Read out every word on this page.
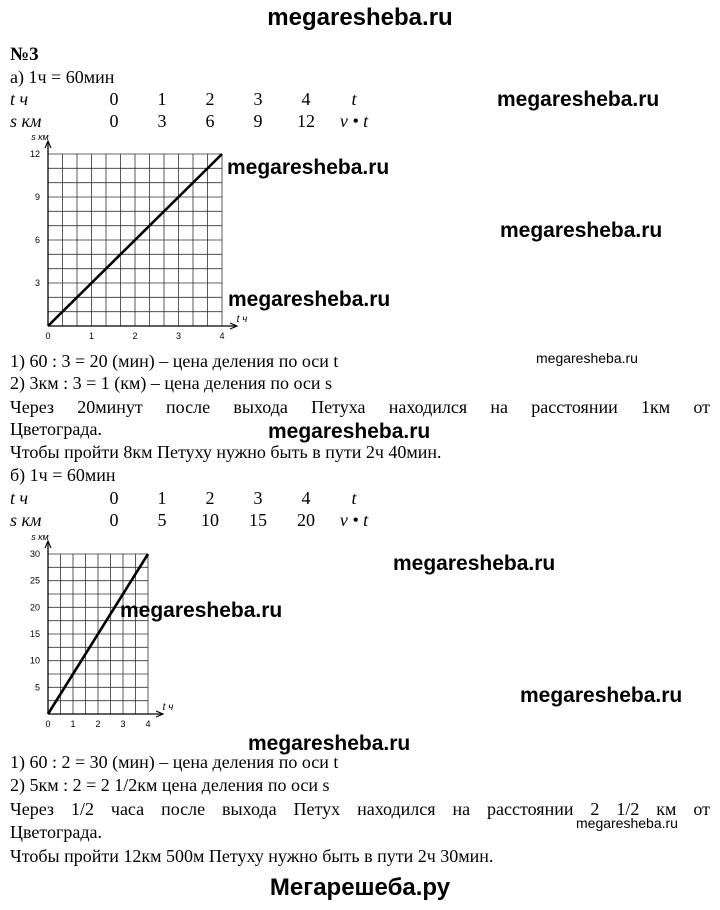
megaresheba.ru
№3
а) 1ч = 60мин
t ч	0	1	2	3	4	t
s км	0	3	6	9	12	v • t
3
6
9
12
0	1	2	3	4
s км
t ч
1) 60 : 3 = 20 (мин) – цена деления по оси t
2) 3км : 3 = 1 (км) – цена деления по оси s
Через 20минут после выхода Петуха находился на расстоянии 1км от
Цветограда.
Чтобы пройти 8км Петуху нужно быть в пути 2ч 40мин.
б) 1ч = 60мин
t ч	0	1	2	3	4	t
s км	0	5	10	15	20	v • t
5
10
15
20
25
30
0 1 2 3 4
s км
t ч
1) 60 : 2 = 30 (мин) – цена деления по оси t
2) 5км : 2 = 2 1/2км цена деления по оси s
Через 1/2 часа после выхода Петух находился на расстоянии 2 1/2 км от
Цветограда.
Чтобы пройти 12км 500м Петуху нужно быть в пути 2ч 30мин.
megaresheba.ru
megaresheba.ru
megaresheba.ru
megaresheba.ru
megaresheba.ru
megaresheba.ru
megaresheba.ru
megaresheba.ru
megaresheba.ru
megaresheba.ru
megaresheba.ru
Мегарешеба.ру
